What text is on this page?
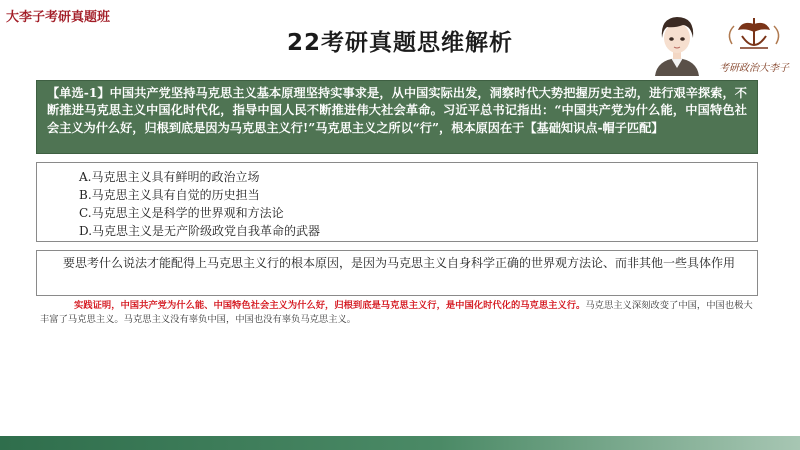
大李子考研真题班
22考研真题思维解析
考研政治大李子
【单选-1】中国共产党坚持马克思主义基本原理坚持实事求是，从中国实际出发，洞察时代大势把握历史主动，进行艰辛探索，不断推进马克思主义中国化时代化，指导中国人民不断推进伟大社会革命。习近平总书记指出：“中国共产党为什么能，中国特色社会主义为什么好，归根到底是因为马克思主义行!”马克思主义之所以“行”，根本原因在于【基础知识点-帽子匹配】
A.马克思主义具有鲜明的政治立场
B.马克思主义具有自觉的历史担当
C.马克思主义是科学的世界观和方法论
D.马克思主义是无产阶级政党自我革命的武器
要思考什么说法才能配得上马克思主义行的根本原因，是因为马克思主义自身科学正确的世界观方法论、而非其他一些具体作用
实践证明，中国共产党为什么能、中国特色社会主义为什么好，归根到底是马克思主义行，是中国化时代化的马克思主义行。马克思主义深刻改变了中国，中国也极大丰富了马克思主义。马克思主义没有辜负中国，中国也没有辜负马克思主义。
